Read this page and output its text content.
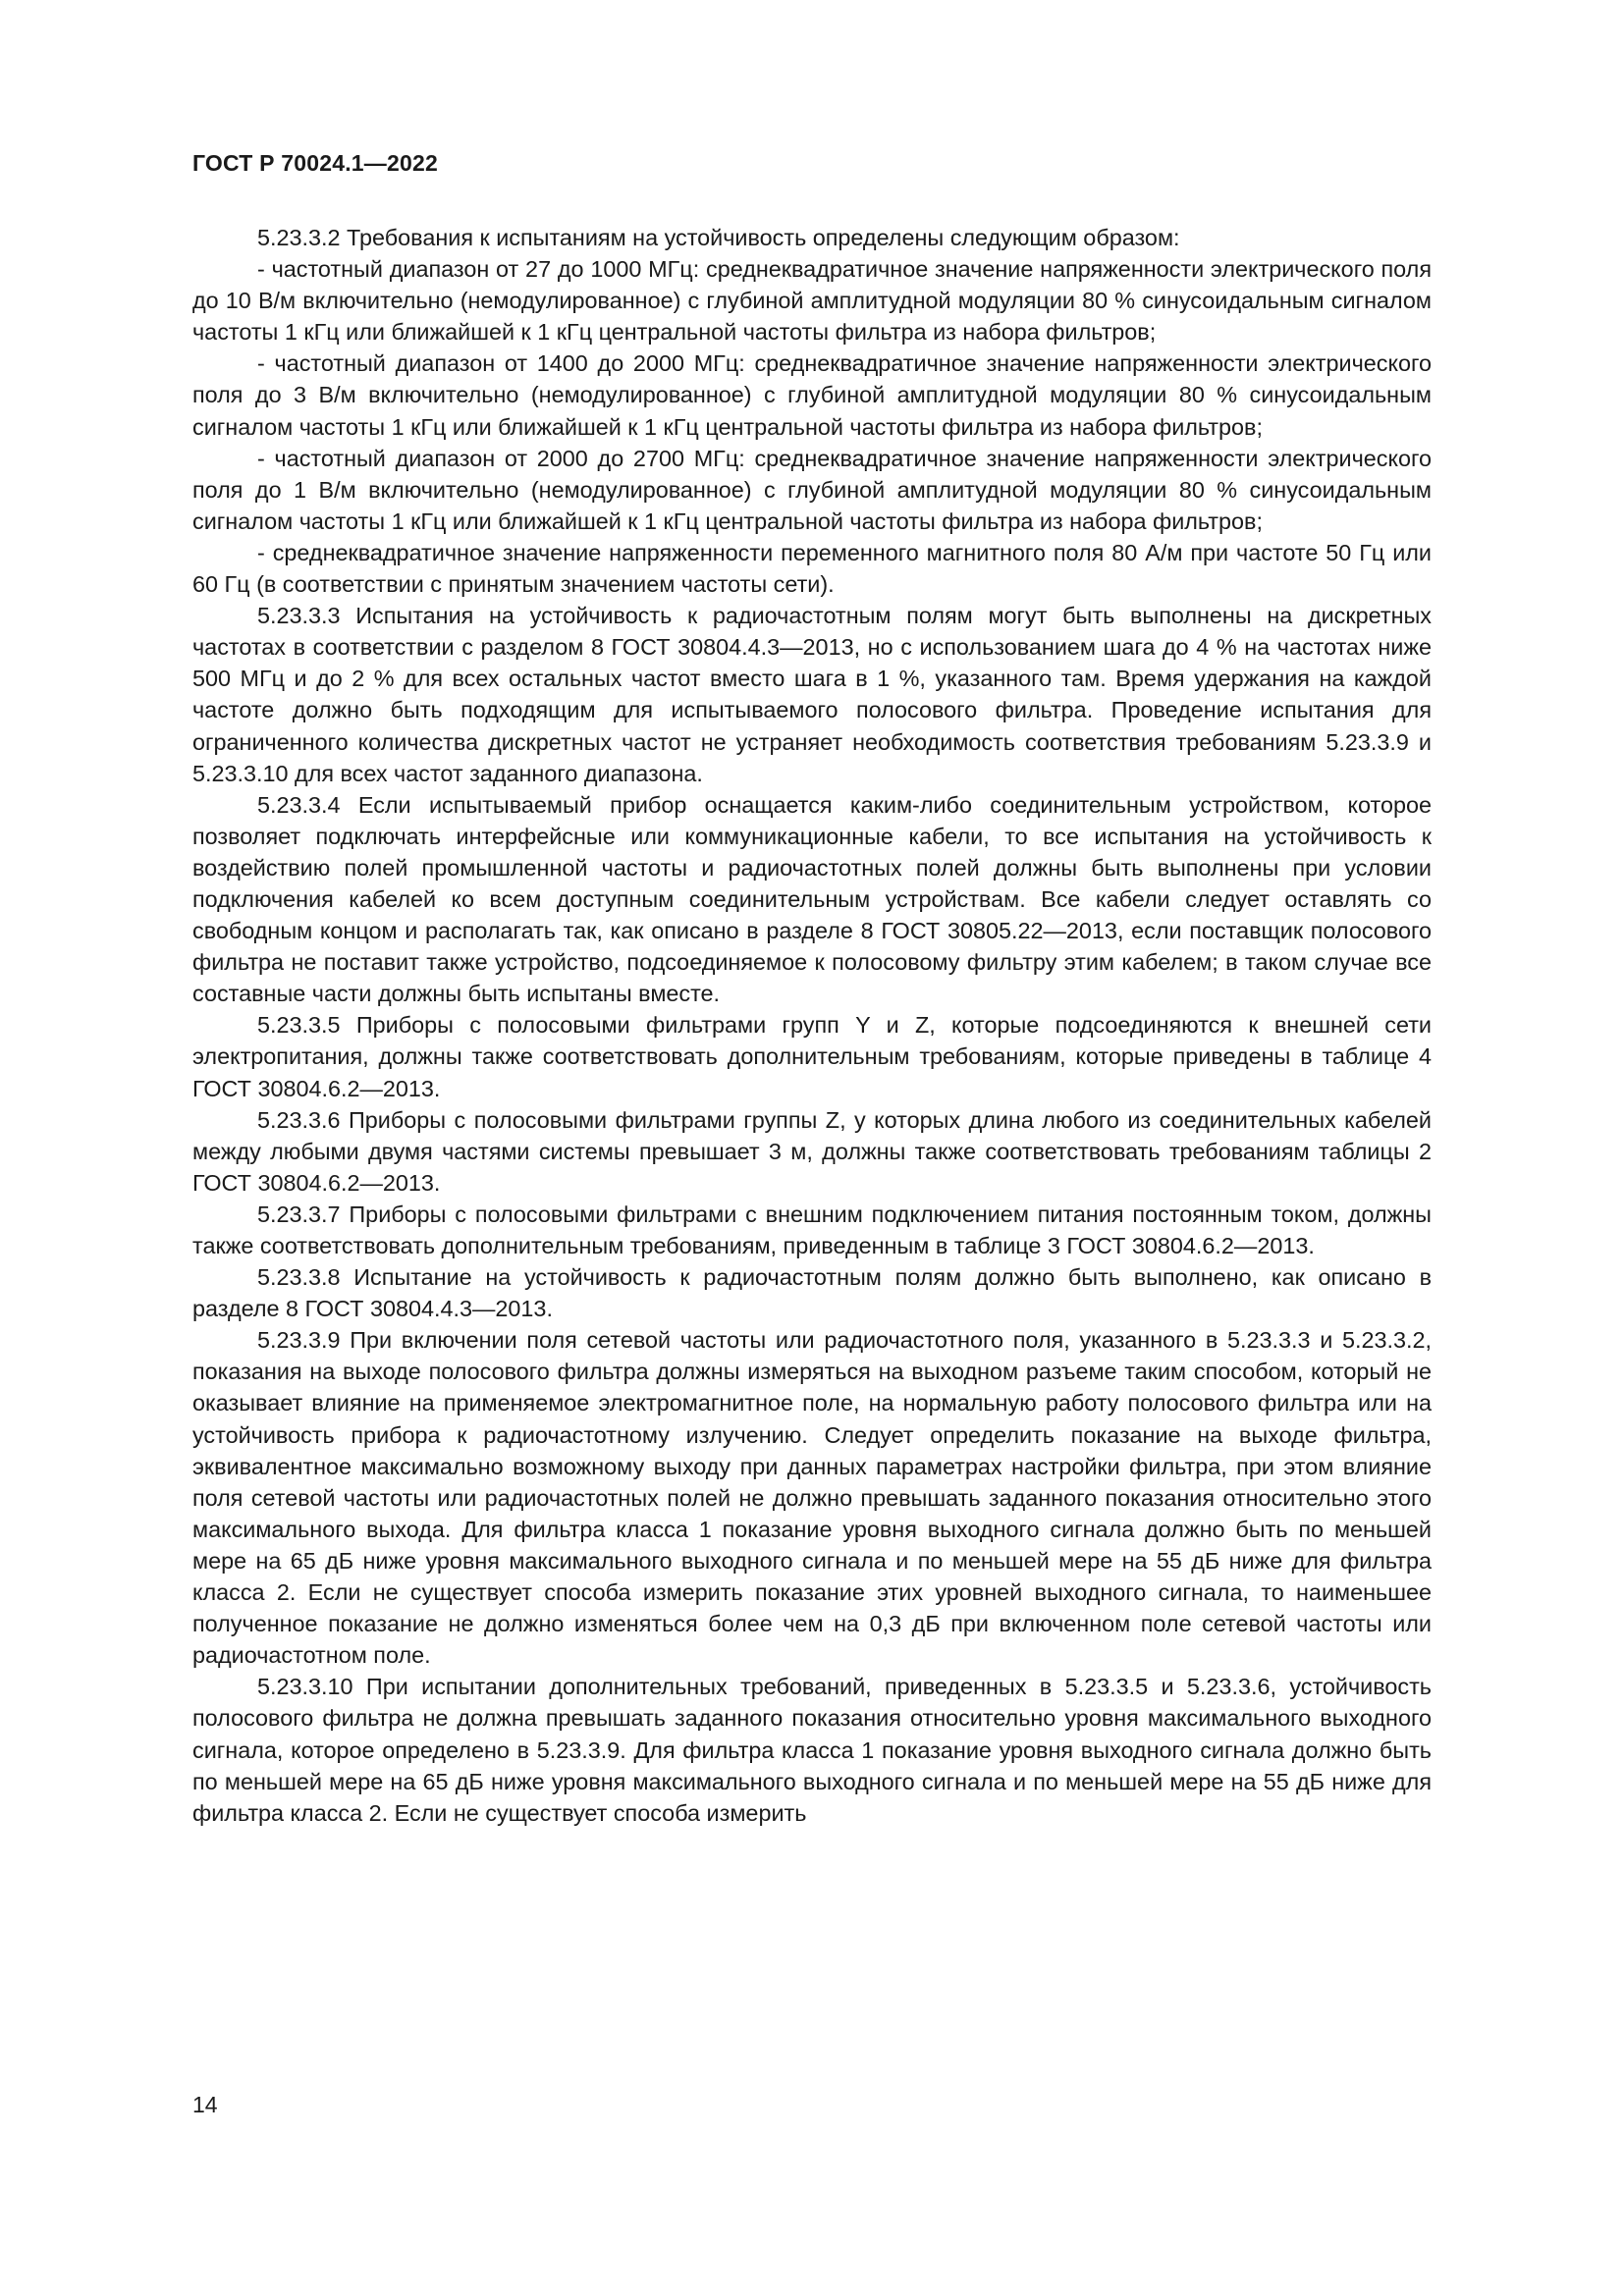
ГОСТ Р 70024.1—2022

5.23.3.2 Требования к испытаниям на устойчивость определены следующим образом:

- частотный диапазон от 27 до 1000 МГц: среднеквадратичное значение напряженности электрического поля до 10 В/м включительно (немодулированное) с глубиной амплитудной модуляции 80 % синусоидальным сигналом частоты 1 кГц или ближайшей к 1 кГц центральной частоты фильтра из набора фильтров;

- частотный диапазон от 1400 до 2000 МГц: среднеквадратичное значение напряженности электрического поля до 3 В/м включительно (немодулированное) с глубиной амплитудной модуляции 80 % синусоидальным сигналом частоты 1 кГц или ближайшей к 1 кГц центральной частоты фильтра из набора фильтров;

- частотный диапазон от 2000 до 2700 МГц: среднеквадратичное значение напряженности электрического поля до 1 В/м включительно (немодулированное) с глубиной амплитудной модуляции 80 % синусоидальным сигналом частоты 1 кГц или ближайшей к 1 кГц центральной частоты фильтра из набора фильтров;

- среднеквадратичное значение напряженности переменного магнитного поля 80 А/м при частоте 50 Гц или 60 Гц (в соответствии с принятым значением частоты сети).

5.23.3.3 Испытания на устойчивость к радиочастотным полям могут быть выполнены на дискретных частотах в соответствии с разделом 8 ГОСТ 30804.4.3—2013, но с использованием шага до 4 % на частотах ниже 500 МГц и до 2 % для всех остальных частот вместо шага в 1 %, указанного там. Время удержания на каждой частоте должно быть подходящим для испытываемого полосового фильтра. Проведение испытания для ограниченного количества дискретных частот не устраняет необходимость соответствия требованиям 5.23.3.9 и 5.23.3.10 для всех частот заданного диапазона.

5.23.3.4 Если испытываемый прибор оснащается каким-либо соединительным устройством, которое позволяет подключать интерфейсные или коммуникационные кабели, то все испытания на устойчивость к воздействию полей промышленной частоты и радиочастотных полей должны быть выполнены при условии подключения кабелей ко всем доступным соединительным устройствам. Все кабели следует оставлять со свободным концом и располагать так, как описано в разделе 8 ГОСТ 30805.22—2013, если поставщик полосового фильтра не поставит также устройство, подсоединяемое к полосовому фильтру этим кабелем; в таком случае все составные части должны быть испытаны вместе.

5.23.3.5 Приборы с полосовыми фильтрами групп Y и Z, которые подсоединяются к внешней сети электропитания, должны также соответствовать дополнительным требованиям, которые приведены в таблице 4 ГОСТ 30804.6.2—2013.

5.23.3.6 Приборы с полосовыми фильтрами группы Z, у которых длина любого из соединительных кабелей между любыми двумя частями системы превышает 3 м, должны также соответствовать требованиям таблицы 2 ГОСТ 30804.6.2—2013.

5.23.3.7 Приборы с полосовыми фильтрами с внешним подключением питания постоянным током, должны также соответствовать дополнительным требованиям, приведенным в таблице 3 ГОСТ 30804.6.2—2013.

5.23.3.8 Испытание на устойчивость к радиочастотным полям должно быть выполнено, как описано в разделе 8 ГОСТ 30804.4.3—2013.

5.23.3.9 При включении поля сетевой частоты или радиочастотного поля, указанного в 5.23.3.3 и 5.23.3.2, показания на выходе полосового фильтра должны измеряться на выходном разъеме таким способом, который не оказывает влияние на применяемое электромагнитное поле, на нормальную работу полосового фильтра или на устойчивость прибора к радиочастотному излучению. Следует определить показание на выходе фильтра, эквивалентное максимально возможному выходу при данных параметрах настройки фильтра, при этом влияние поля сетевой частоты или радиочастотных полей не должно превышать заданного показания относительно этого максимального выхода. Для фильтра класса 1 показание уровня выходного сигнала должно быть по меньшей мере на 65 дБ ниже уровня максимального выходного сигнала и по меньшей мере на 55 дБ ниже для фильтра класса 2. Если не существует способа измерить показание этих уровней выходного сигнала, то наименьшее полученное показание не должно изменяться более чем на 0,3 дБ при включенном поле сетевой частоты или радиочастотном поле.

5.23.3.10 При испытании дополнительных требований, приведенных в 5.23.3.5 и 5.23.3.6, устойчивость полосового фильтра не должна превышать заданного показания относительно уровня максимального выходного сигнала, которое определено в 5.23.3.9. Для фильтра класса 1 показание уровня выходного сигнала должно быть по меньшей мере на 65 дБ ниже уровня максимального выходного сигнала и по меньшей мере на 55 дБ ниже для фильтра класса 2. Если не существует способа измерить

14
